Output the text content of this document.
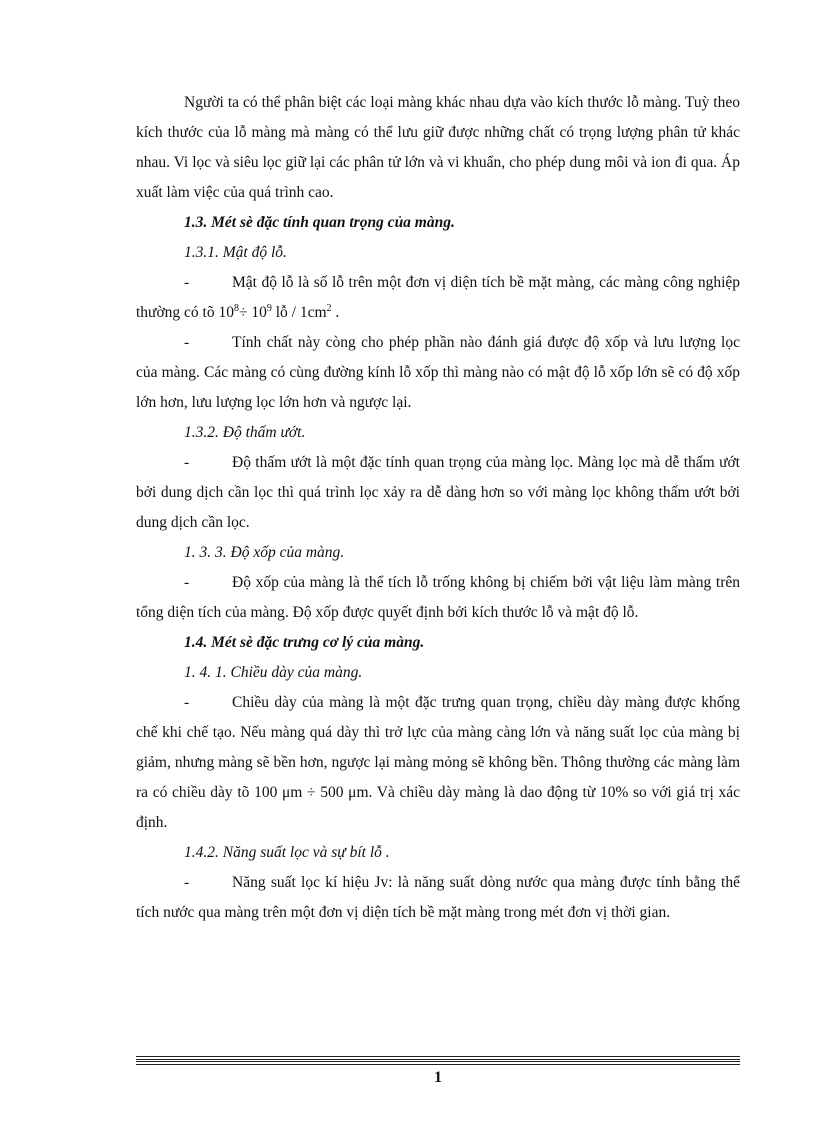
Người ta có thể phân biệt các loại màng khác nhau dựa vào kích thước lỗ màng. Tuỳ theo kích thước của lỗ màng mà màng có thể lưu giữ được những chất có trọng lượng phân tử khác nhau. Vi lọc và siêu lọc giữ lại các phân tử lớn và vi khuẩn, cho phép dung môi và ion đi qua. Áp xuất làm việc của quá trình cao.

1.3. Mét sè đặc tính quan trọng của màng.

1.3.1. Mật độ lỗ.

-	Mật độ lỗ là số lỗ trên một đơn vị diện tích bề mặt màng, các màng công nghiệp thường có tõ $10^8\div 10^9$ lỗ / $1cm^2$ .

-	Tính chất này còng cho phép phần nào đánh giá được độ xốp và lưu lượng lọc của màng. Các màng có cùng đường kính lỗ xốp thì màng nào có mật độ lỗ xốp lớn sẽ có độ xốp lớn hơn, lưu lượng lọc lớn hơn và ngược lại.

1.3.2. Độ thấm ướt.

-	Độ thấm ướt là một đặc tính quan trọng của màng lọc. Màng lọc mà dễ thấm ướt bởi dung dịch cần lọc thì quá trình lọc xảy ra dễ dàng hơn so với màng lọc không thấm ướt bởi dung dịch cần lọc.

1. 3. 3. Độ xốp của màng.

-	Độ xốp của màng là thể tích lỗ trống không bị chiếm bởi vật liệu làm màng trên tổng diện tích của màng. Độ xốp được quyết định bởi kích thước lỗ và mật độ lỗ.

1.4. Mét sè đặc trưng cơ lý của màng.

1. 4. 1. Chiều dày của màng.

-	Chiều dày của màng là một đặc trưng quan trọng, chiều dày màng được khống chế khi chế tạo. Nếu màng quá dày thì trở lực của màng càng lớn và năng suất lọc của màng bị giảm, nhưng màng sẽ bền hơn, ngược lại màng mỏng sẽ không bền. Thông thường các màng làm ra có chiều dày tõ 100 μm ÷ 500 μm. Và chiều dày màng là dao động từ 10% so với giá trị xác định.

1.4.2. Năng suất lọc và sự bít lỗ .

-	Năng suất lọc kí hiệu Jv: là năng suất dòng nước qua màng được tính bằng thể tích nước qua màng trên một đơn vị diện tích bề mặt màng trong mét đơn vị thời gian.

1
